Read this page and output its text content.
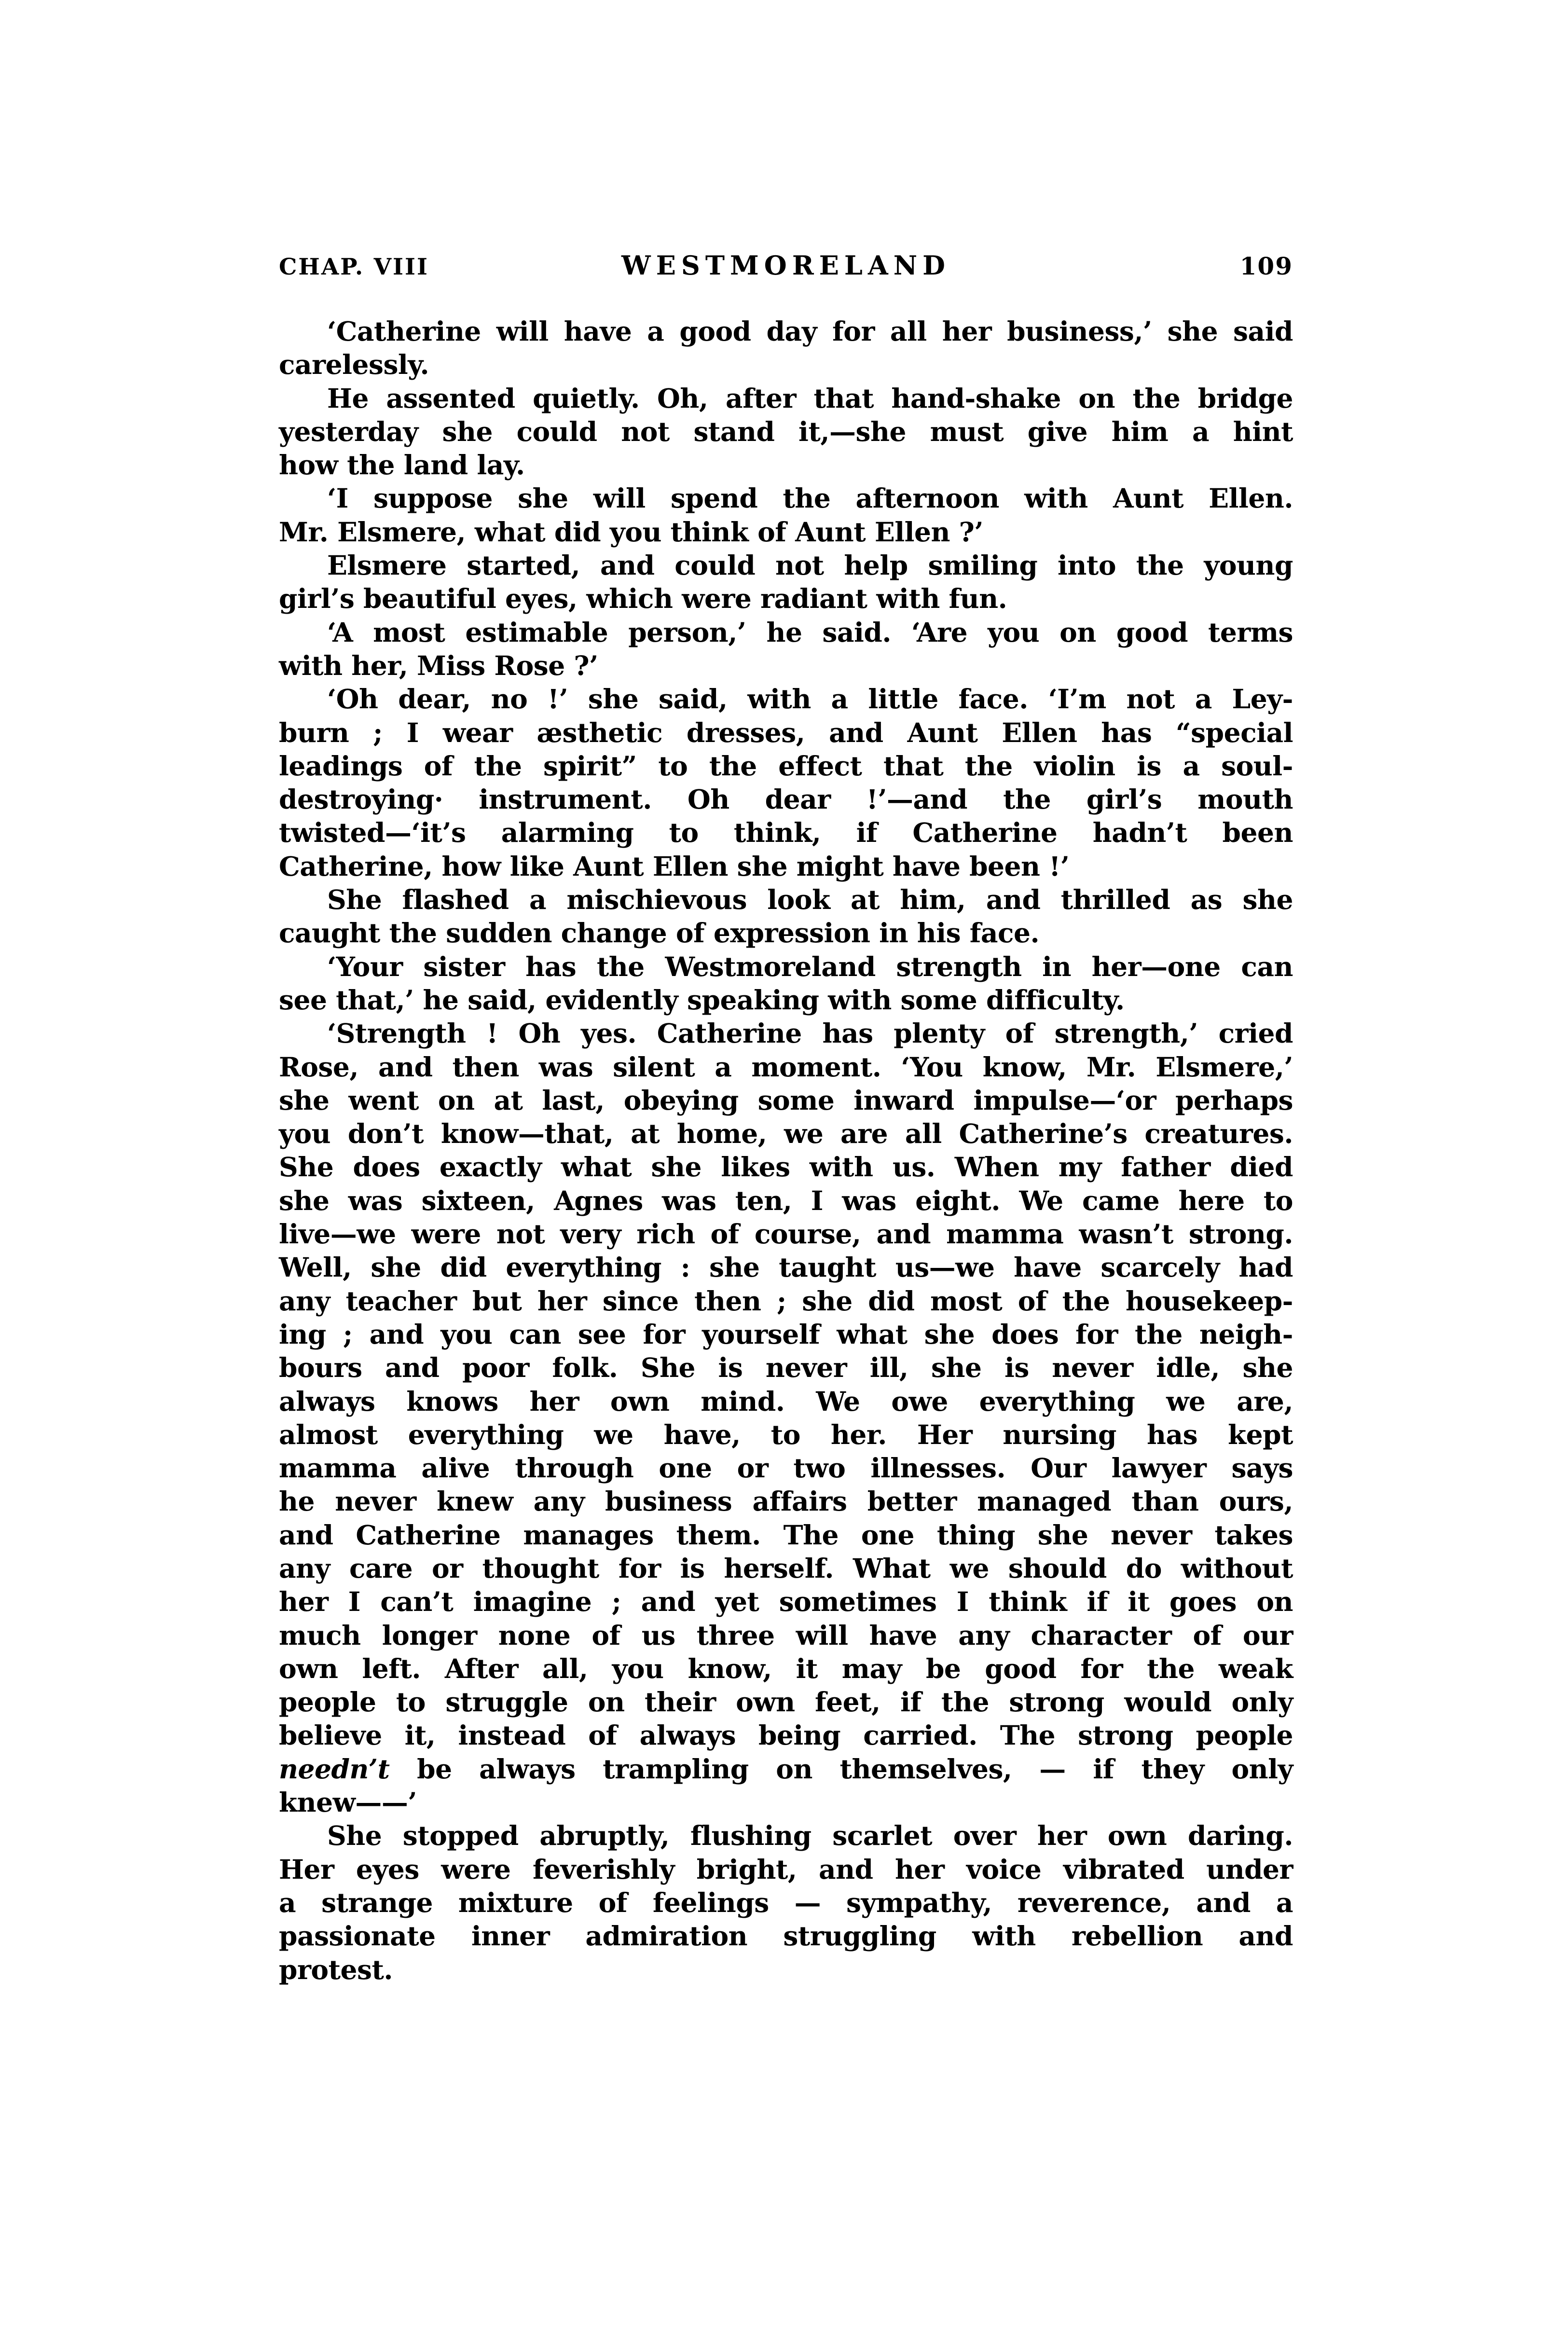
CHAP. VIII	WESTMORELAND	109
‘Catherine will have a good day for all her business,’ she said
carelessly.
He assented quietly. Oh, after that hand-shake on the bridge
yesterday she could not stand it,—she must give him a hint
how the land lay.
‘I suppose she will spend the afternoon with Aunt Ellen.
Mr. Elsmere, what did you think of Aunt Ellen ?’
Elsmere started, and could not help smiling into the young
girl’s beautiful eyes, which were radiant with fun.
‘A most estimable person,’ he said. ‘Are you on good terms
with her, Miss Rose ?’
‘Oh dear, no !’ she said, with a little face. ‘I’m not a Ley-
burn ; I wear æsthetic dresses, and Aunt Ellen has “special
leadings of the spirit” to the effect that the violin is a soul-
destroying· instrument. Oh dear !’—and the girl’s mouth
twisted—‘it’s alarming to think, if Catherine hadn’t been
Catherine, how like Aunt Ellen she might have been !’
She flashed a mischievous look at him, and thrilled as she
caught the sudden change of expression in his face.
‘Your sister has the Westmoreland strength in her—one can
see that,’ he said, evidently speaking with some difficulty.
‘Strength ! Oh yes. Catherine has plenty of strength,’ cried
Rose, and then was silent a moment. ‘You know, Mr. Elsmere,’
she went on at last, obeying some inward impulse—‘or perhaps
you don’t know—that, at home, we are all Catherine’s creatures.
She does exactly what she likes with us. When my father died
she was sixteen, Agnes was ten, I was eight. We came here to
live—we were not very rich of course, and mamma wasn’t strong.
Well, she did everything : she taught us—we have scarcely had
any teacher but her since then ; she did most of the housekeep-
ing ; and you can see for yourself what she does for the neigh-
bours and poor folk. She is never ill, she is never idle, she
always knows her own mind. We owe everything we are,
almost everything we have, to her. Her nursing has kept
mamma alive through one or two illnesses. Our lawyer says
he never knew any business affairs better managed than ours,
and Catherine manages them. The one thing she never takes
any care or thought for is herself. What we should do without
her I can’t imagine ; and yet sometimes I think if it goes on
much longer none of us three will have any character of our
own left. After all, you know, it may be good for the weak
people to struggle on their own feet, if the strong would only
believe it, instead of always being carried. The strong people
needn’t be always trampling on themselves, — if they only
knew——’
She stopped abruptly, flushing scarlet over her own daring.
Her eyes were feverishly bright, and her voice vibrated under
a strange mixture of feelings — sympathy, reverence, and a
passionate inner admiration struggling with rebellion and
protest.
